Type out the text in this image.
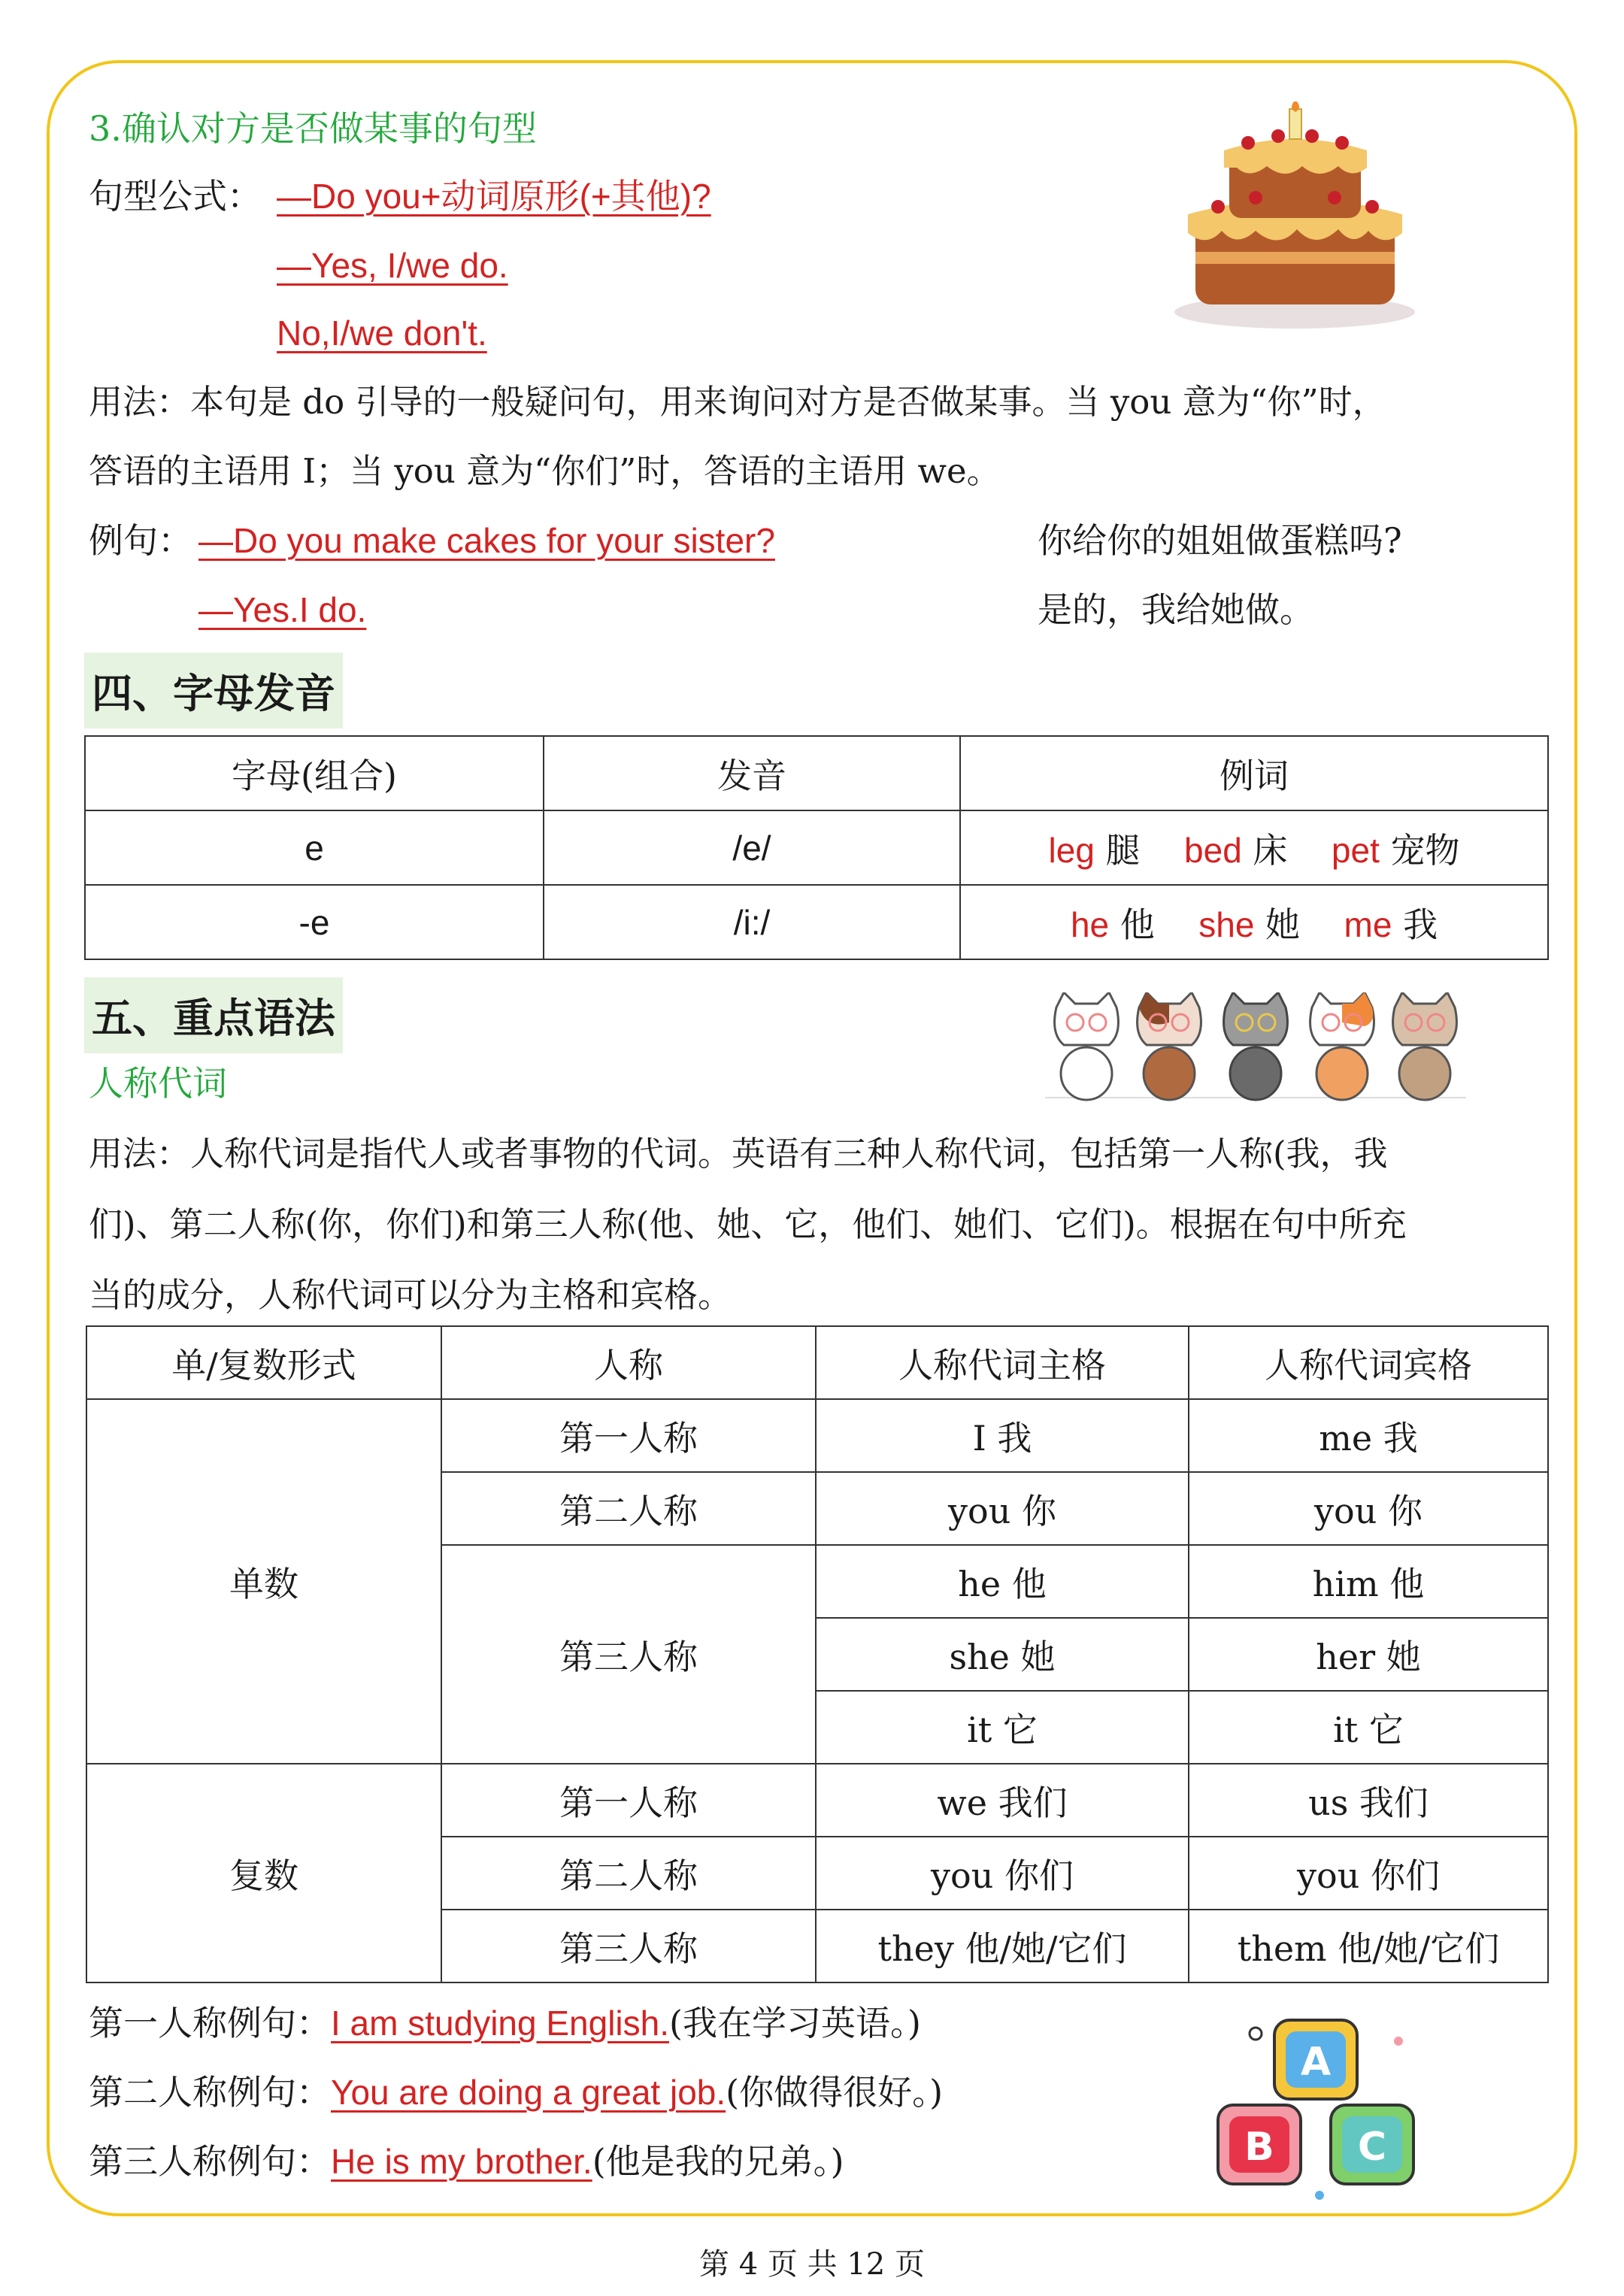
3.确认对方是否做某事的句型
句型公式： —Do you+动词原形(+其他)?
—Yes, I/we do.
No,I/we don't.
用法：本句是 do 引导的一般疑问句，用来询问对方是否做某事。当 you 意为“你”时，
答语的主语用 I；当 you 意为“你们”时，答语的主语用 we。
例句： —Do you make cakes for your sister?	你给你的姐姐做蛋糕吗?
—Yes.I do.	是的，我给她做。
四、字母发音
字母(组合)	发音	例词
e	/e/	leg 腿 bed 床 pet 宠物
-e	/i:/	he 他 she 她 me 我
五、重点语法
人称代词
用法：人称代词是指代人或者事物的代词。英语有三种人称代词，包括第一人称(我，我
们)、第二人称(你，你们)和第三人称(他、她、它，他们、她们、它们)。根据在句中所充
当的成分，人称代词可以分为主格和宾格。
单/复数形式	人称	人称代词主格	人称代词宾格
单数	第一人称	I 我	me 我
	第二人称	you 你	you 你
	第三人称	he 他	him 他
		she 她	her 她
		it 它	it 它
复数	第一人称	we 我们	us 我们
	第二人称	you 你们	you 你们
	第三人称	they 他/她/它们	them 他/她/它们
第一人称例句：I am studying English.(我在学习英语。)
第二人称例句：You are doing a great job.(你做得很好。)
第三人称例句：He is my brother.(他是我的兄弟。)
A
B C
第 4 页 共 12 页
